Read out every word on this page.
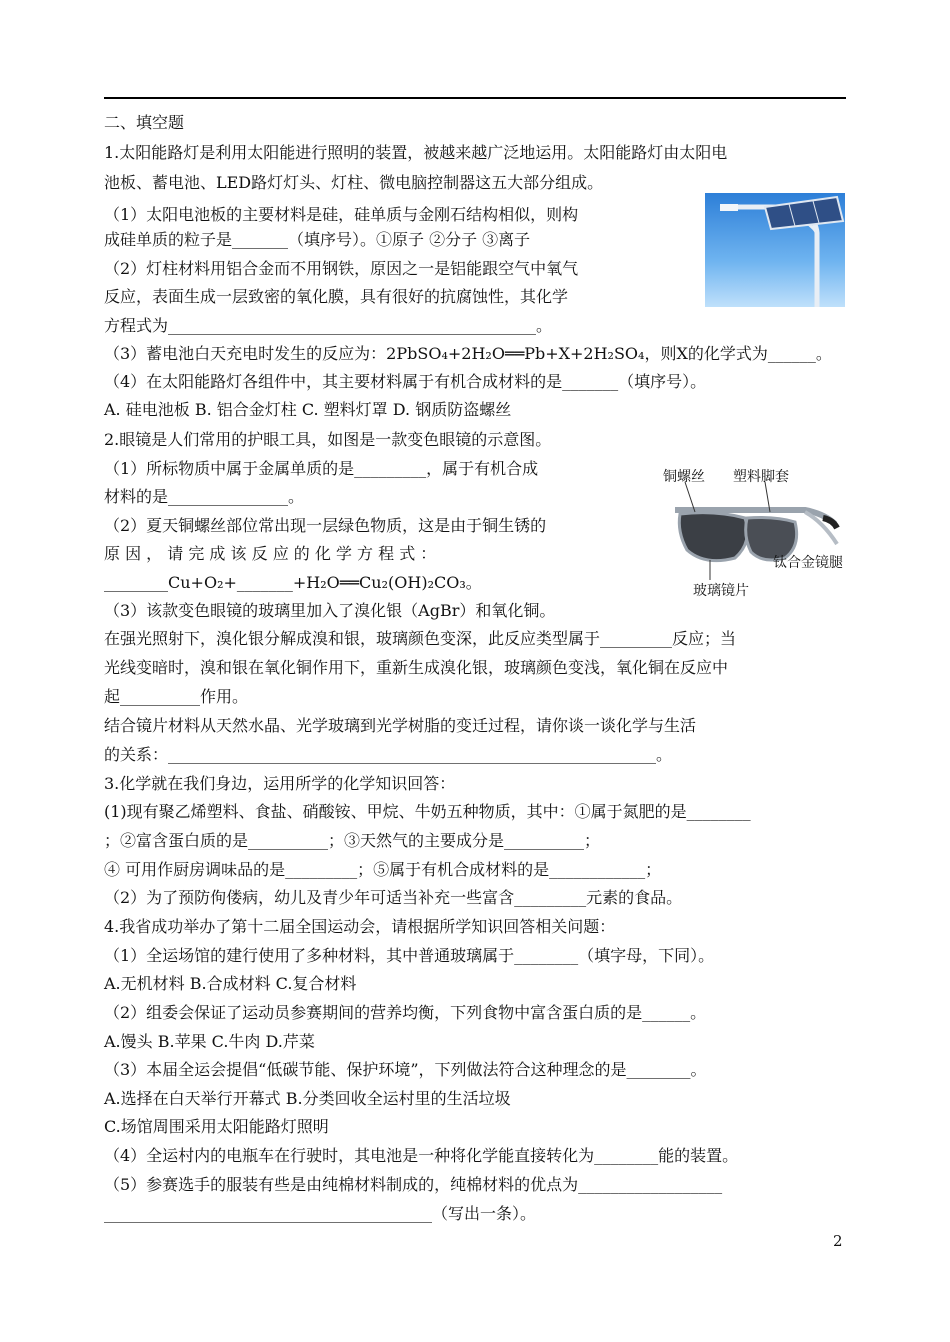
二、填空题
1.太阳能路灯是利用太阳能进行照明的装置，被越来越广泛地运用。太阳能路灯由太阳电
池板、蓄电池、LED路灯灯头、灯柱、微电脑控制器这五大部分组成。
（1）太阳电池板的主要材料是硅，硅单质与金刚石结构相似，则构
成硅单质的粒子是_______（填序号）。①原子 ②分子 ③离子
（2）灯柱材料用铝合金而不用钢铁，原因之一是铝能跟空气中氧气
反应，表面生成一层致密的氧化膜，具有很好的抗腐蚀性，其化学
方程式为______________________________________________。
（3）蓄电池白天充电时发生的反应为：2PbSO₄+2H₂O══Pb+X+2H₂SO₄，则X的化学式为______。
（4）在太阳能路灯各组件中，其主要材料属于有机合成材料的是_______（填序号）。
A. 硅电池板 B. 铝合金灯柱 C. 塑料灯罩 D. 钢质防盗螺丝
2.眼镜是人们常用的护眼工具，如图是一款变色眼镜的示意图。
（1）所标物质中属于金属单质的是_________，属于有机合成
材料的是_______________。
（2）夏天铜螺丝部位常出现一层绿色物质，这是由于铜生锈的
原 因 ， 请 完 成 该 反 应 的 化 学 方 程 式 ：
________Cu+O₂+_______+H₂O══Cu₂(OH)₂CO₃。
（3）该款变色眼镜的玻璃里加入了溴化银（AgBr）和氧化铜。
在强光照射下，溴化银分解成溴和银，玻璃颜色变深，此反应类型属于_________反应；当
光线变暗时，溴和银在氧化铜作用下，重新生成溴化银，玻璃颜色变浅，氧化铜在反应中
起__________作用。
结合镜片材料从天然水晶、光学玻璃到光学树脂的变迁过程，请你谈一谈化学与生活
的关系：_____________________________________________________________。
铜螺丝 塑料脚套
钛合金镜腿
玻璃镜片
3.化学就在我们身边，运用所学的化学知识回答：
(1)现有聚乙烯塑料、食盐、硝酸铵、甲烷、牛奶五种物质，其中：①属于氮肥的是________
；②富含蛋白质的是__________；③天然气的主要成分是__________；
④ 可用作厨房调味品的是_________；⑤属于有机合成材料的是____________；
（2）为了预防佝偻病，幼儿及青少年可适当补充一些富含_________元素的食品。
4.我省成功举办了第十二届全国运动会，请根据所学知识回答相关问题：
（1）全运场馆的建行使用了多种材料，其中普通玻璃属于________（填字母，下同）。
A.无机材料 B.合成材料 C.复合材料
（2）组委会保证了运动员参赛期间的营养均衡，下列食物中富含蛋白质的是______。
A.馒头 B.苹果 C.牛肉 D.芹菜
（3）本届全运会提倡“低碳节能、保护环境”，下列做法符合这种理念的是________。
A.选择在白天举行开幕式 B.分类回收全运村里的生活垃圾
C.场馆周围采用太阳能路灯照明
（4）全运村内的电瓶车在行驶时，其电池是一种将化学能直接转化为________能的装置。
（5）参赛选手的服装有些是由纯棉材料制成的，纯棉材料的优点为__________________
_________________________________________（写出一条）。
2
